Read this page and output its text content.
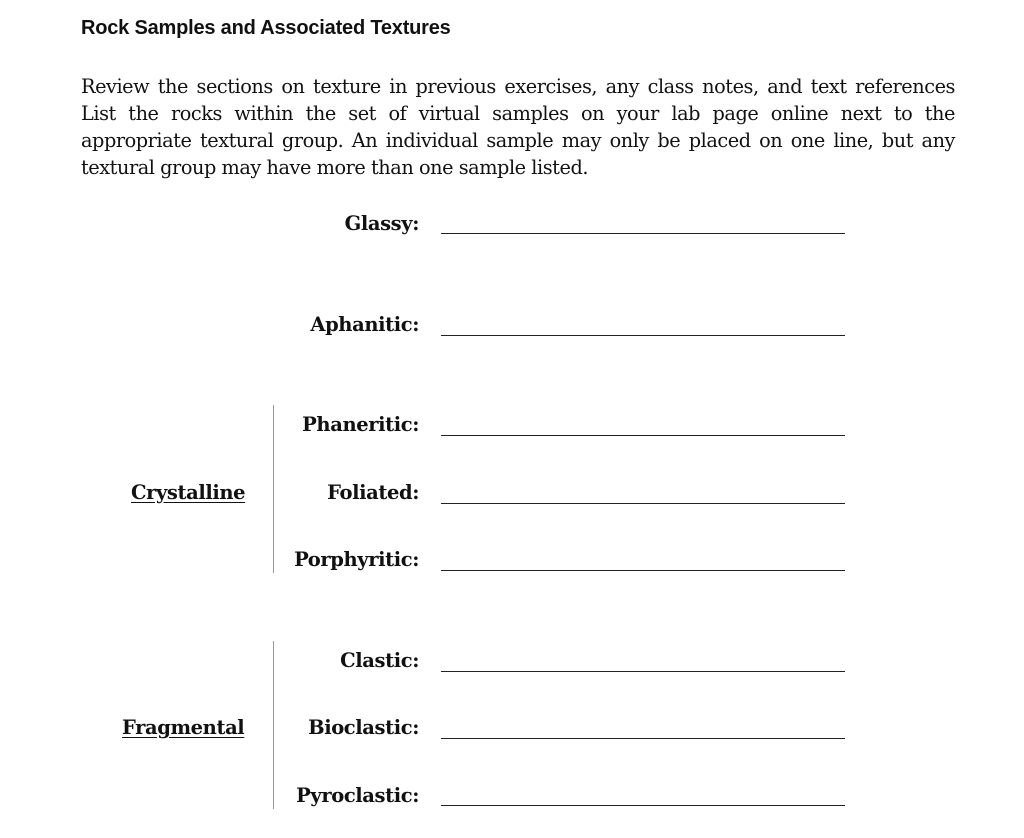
Rock Samples and Associated Textures

Review the sections on texture in previous exercises, any class notes, and text references List the rocks within the set of virtual samples on your lab page online next to the appropriate textural group. An individual sample may only be placed on one line, but any textural group may have more than one sample listed.

Glassy:
Aphanitic:
Crystalline
Phaneritic:
Foliated:
Porphyritic:
Fragmental
Clastic:
Bioclastic:
Pyroclastic:
